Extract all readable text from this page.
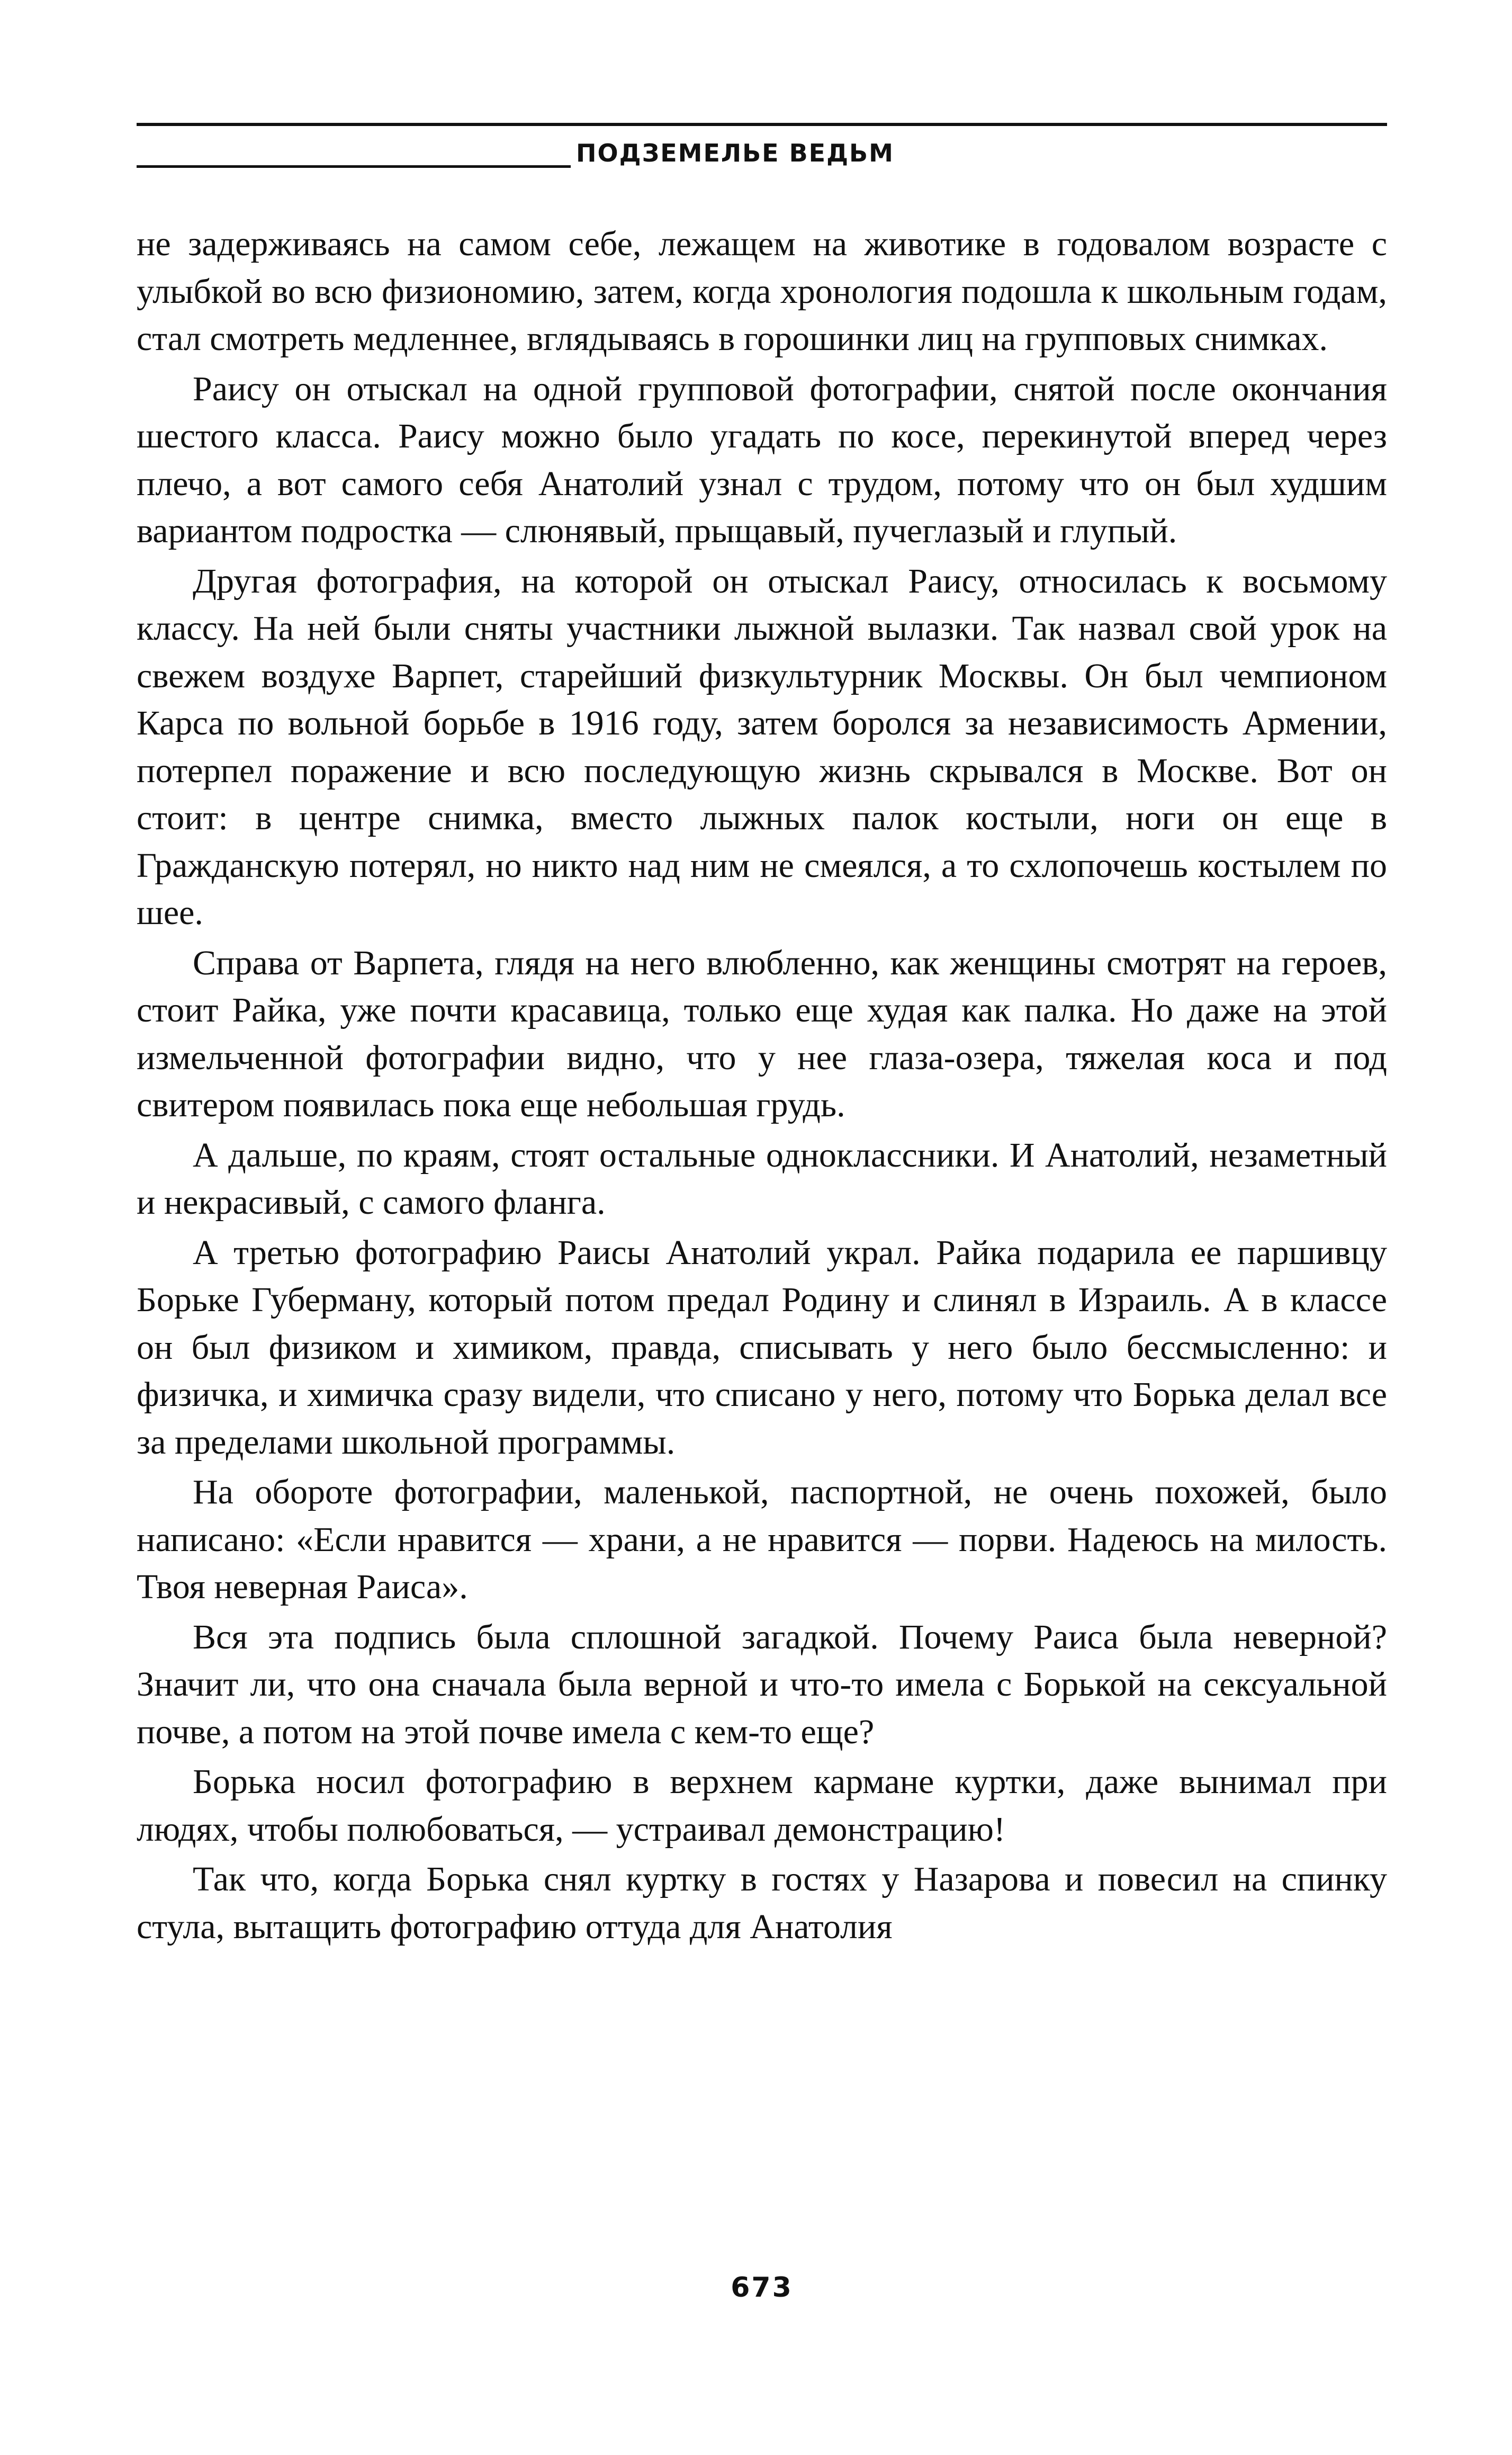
ПОДЗЕМЕЛЬЕ ВЕДЬМ

не задерживаясь на самом себе, лежащем на животике в годовалом возрасте с улыбкой во всю физиономию, затем, когда хронология подошла к школьным годам, стал смотреть медленнее, вглядываясь в горошинки лиц на групповых снимках.

Раису он отыскал на одной групповой фотографии, снятой после окончания шестого класса. Раису можно было угадать по косе, перекинутой вперед через плечо, а вот самого себя Анатолий узнал с трудом, потому что он был худшим вариантом подростка — слюнявый, прыщавый, пучеглазый и глупый.

Другая фотография, на которой он отыскал Раису, относилась к восьмому классу. На ней были сняты участники лыжной вылазки. Так назвал свой урок на свежем воздухе Варпет, старейший физкультурник Москвы. Он был чемпионом Карса по вольной борьбе в 1916 году, затем боролся за независимость Армении, потерпел поражение и всю последующую жизнь скрывался в Москве. Вот он стоит: в центре снимка, вместо лыжных палок костыли, ноги он еще в Гражданскую потерял, но никто над ним не смеялся, а то схлопочешь костылем по шее.

Справа от Варпета, глядя на него влюбленно, как женщины смотрят на героев, стоит Райка, уже почти красавица, только еще худая как палка. Но даже на этой измельченной фотографии видно, что у нее глаза-озера, тяжелая коса и под свитером появилась пока еще небольшая грудь.

А дальше, по краям, стоят остальные одноклассники. И Анатолий, незаметный и некрасивый, с самого фланга.

А третью фотографию Раисы Анатолий украл. Райка подарила ее паршивцу Борьке Губерману, который потом предал Родину и слинял в Израиль. А в классе он был физиком и химиком, правда, списывать у него было бессмысленно: и физичка, и химичка сразу видели, что списано у него, потому что Борька делал все за пределами школьной программы.

На обороте фотографии, маленькой, паспортной, не очень похожей, было написано: «Если нравится — храни, а не нравится — порви. Надеюсь на милость. Твоя неверная Раиса».

Вся эта подпись была сплошной загадкой. Почему Раиса была неверной? Значит ли, что она сначала была верной и что-то имела с Борькой на сексуальной почве, а потом на этой почве имела с кем-то еще?

Борька носил фотографию в верхнем кармане куртки, даже вынимал при людях, чтобы полюбоваться, — устраивал демонстрацию!

Так что, когда Борька снял куртку в гостях у Назарова и повесил на спинку стула, вытащить фотографию оттуда для Анатолия

673
